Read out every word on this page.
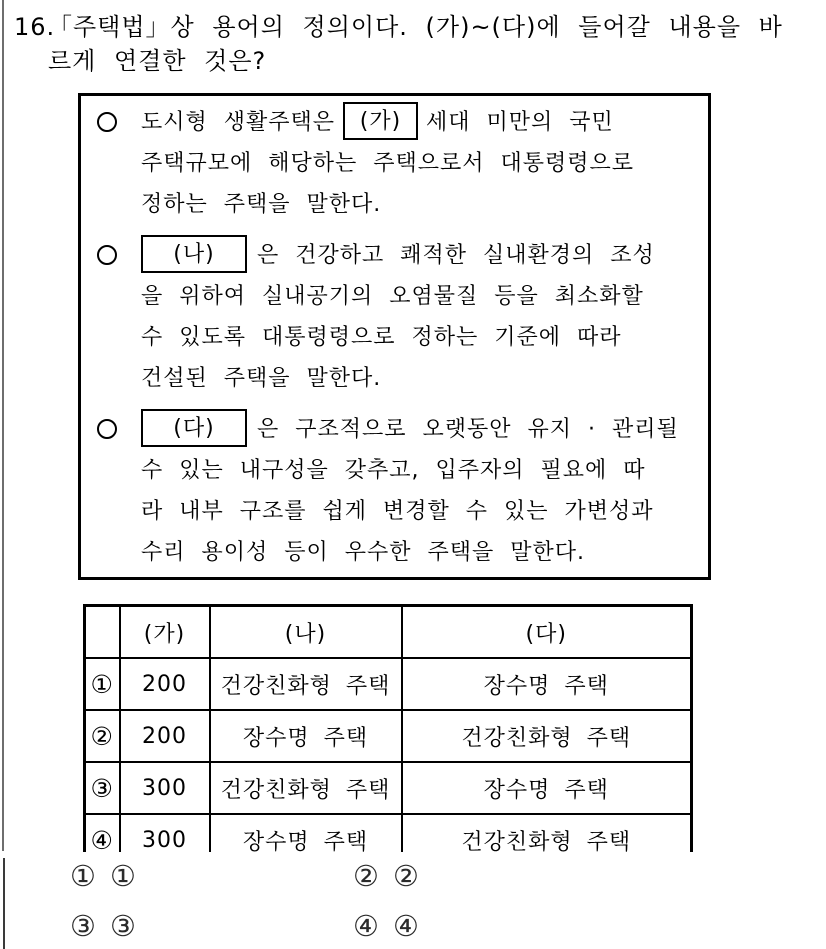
16.
「주택법」상 용어의 정의이다. (가)~(다)에 들어갈 내용을 바
르게 연결한 것은?
도시형 생활주택은 (가) 세대 미만의 국민
주택규모에 해당하는 주택으로서 대통령령으로
정하는 주택을 말한다.
(나) 은 건강하고 쾌적한 실내환경의 조성
을 위하여 실내공기의 오염물질 등을 최소화할
수 있도록 대통령령으로 정하는 기준에 따라
건설된 주택을 말한다.
(다) 은 구조적으로 오랫동안 유지 · 관리될
수 있는 내구성을 갖추고, 입주자의 필요에 따
라 내부 구조를 쉽게 변경할 수 있는 가변성과
수리 용이성 등이 우수한 주택을 말한다.
	(가)	(나)	(다)
①	200	건강친화형 주택	장수명 주택
②	200	장수명 주택	건강친화형 주택
③	300	건강친화형 주택	장수명 주택
④	300	장수명 주택	건강친화형 주택
① ①	② ②
③ ③	④ ④
